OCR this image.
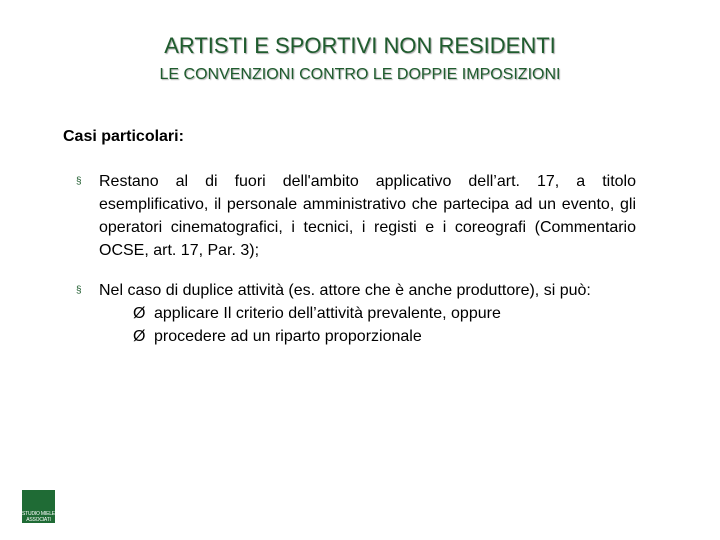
ARTISTI E SPORTIVI NON RESIDENTI
LE CONVENZIONI CONTRO LE DOPPIE IMPOSIZIONI
Casi particolari:
§ Restano al di fuori dell'ambito applicativo dell’art. 17, a titolo esemplificativo, il personale amministrativo che partecipa ad un evento, gli operatori cinematografici, i tecnici, i registi e i coreografi (Commentario OCSE, art. 17, Par. 3);
§ Nel caso di duplice attività (es. attore che è anche produttore), si può:
Ø applicare Il criterio dell’attività prevalente, oppure
Ø procedere ad un riparto proporzionale
STUDIO MIELE
ASSOCIATI
